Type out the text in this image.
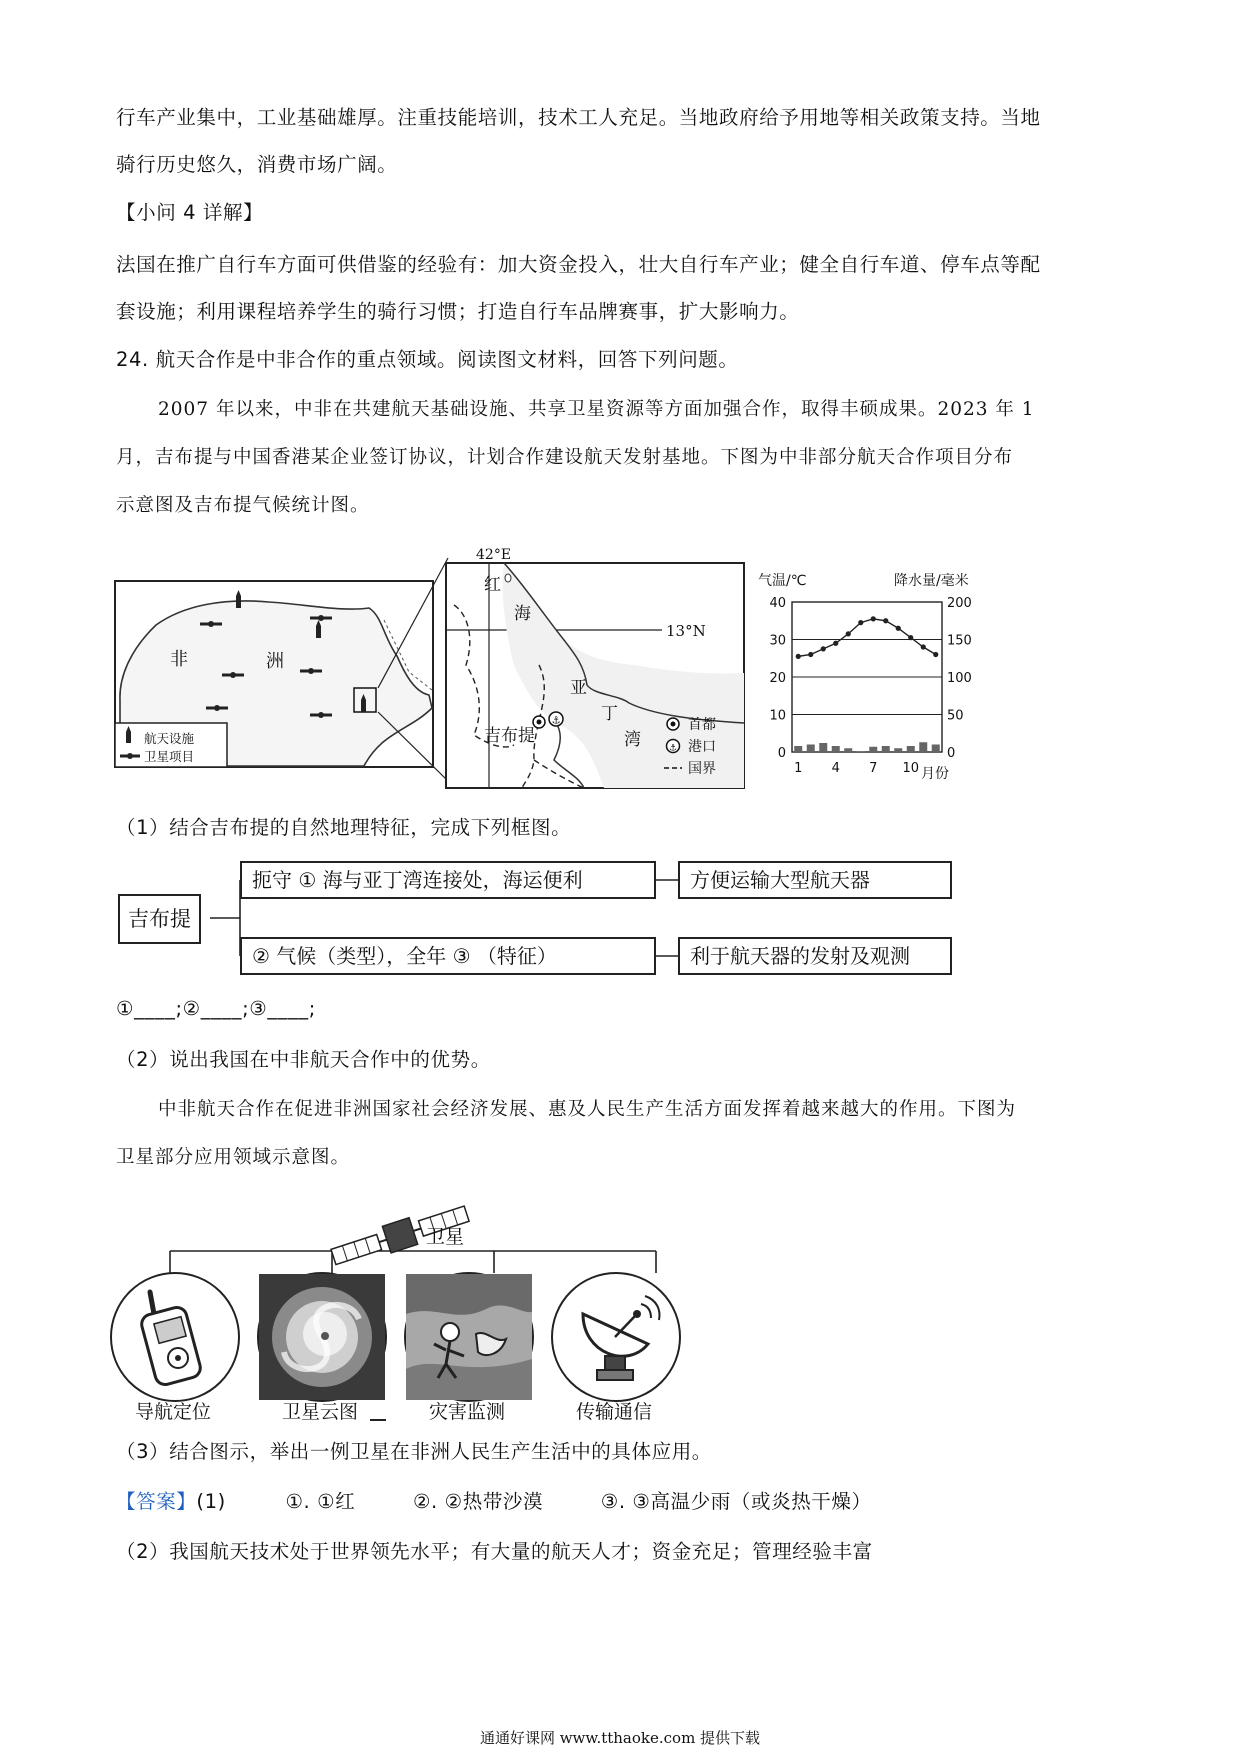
行车产业集中，工业基础雄厚。注重技能培训，技术工人充足。当地政府给予用地等相关政策支持。当地
骑行历史悠久，消费市场广阔。
【小问 4 详解】
法国在推广自行车方面可供借鉴的经验有：加大资金投入，壮大自行车产业；健全自行车道、停车点等配
套设施；利用课程培养学生的骑行习惯；打造自行车品牌赛事，扩大影响力。
24. 航天合作是中非合作的重点领域。阅读图文材料，回答下列问题。
2007 年以来，中非在共建航天基础设施、共享卫星资源等方面加强合作，取得丰硕成果。2023 年 1
月，吉布提与中国香港某企业签订协议，计划合作建设航天发射基地。下图为中非部分航天合作项目分布
示意图及吉布提气候统计图。
非	洲
航天设施
卫星项目
42°E
13°N
红
海
亚
丁
湾
⚓
吉布提
首都
⚓ 港口
国界
气温/℃	降水量/毫米
40
30
20
10
0
200
150
100
50
0
1 4 7 10 月份
（1）结合吉布提的自然地理特征，完成下列框图。
吉布提
扼守 ① 海与亚丁湾连接处，海运便利	方便运输大型航天器
② 气候（类型），全年 ③ （特征）	利于航天器的发射及观测
①____;②____;③____;
（2）说出我国在中非航天合作中的优势。
中非航天合作在促进非洲国家社会经济发展、惠及人民生产生活方面发挥着越来越大的作用。下图为
卫星部分应用领域示意图。
卫星
导航定位	卫星云图	灾害监测	传输通信
（3）结合图示，举出一例卫星在非洲人民生产生活中的具体应用。
【答案】(1)	①. ①红	②. ②热带沙漠	③. ③高温少雨（或炎热干燥）
（2）我国航天技术处于世界领先水平；有大量的航天人才；资金充足；管理经验丰富
通通好课网 www.tthaoke.com 提供下载
